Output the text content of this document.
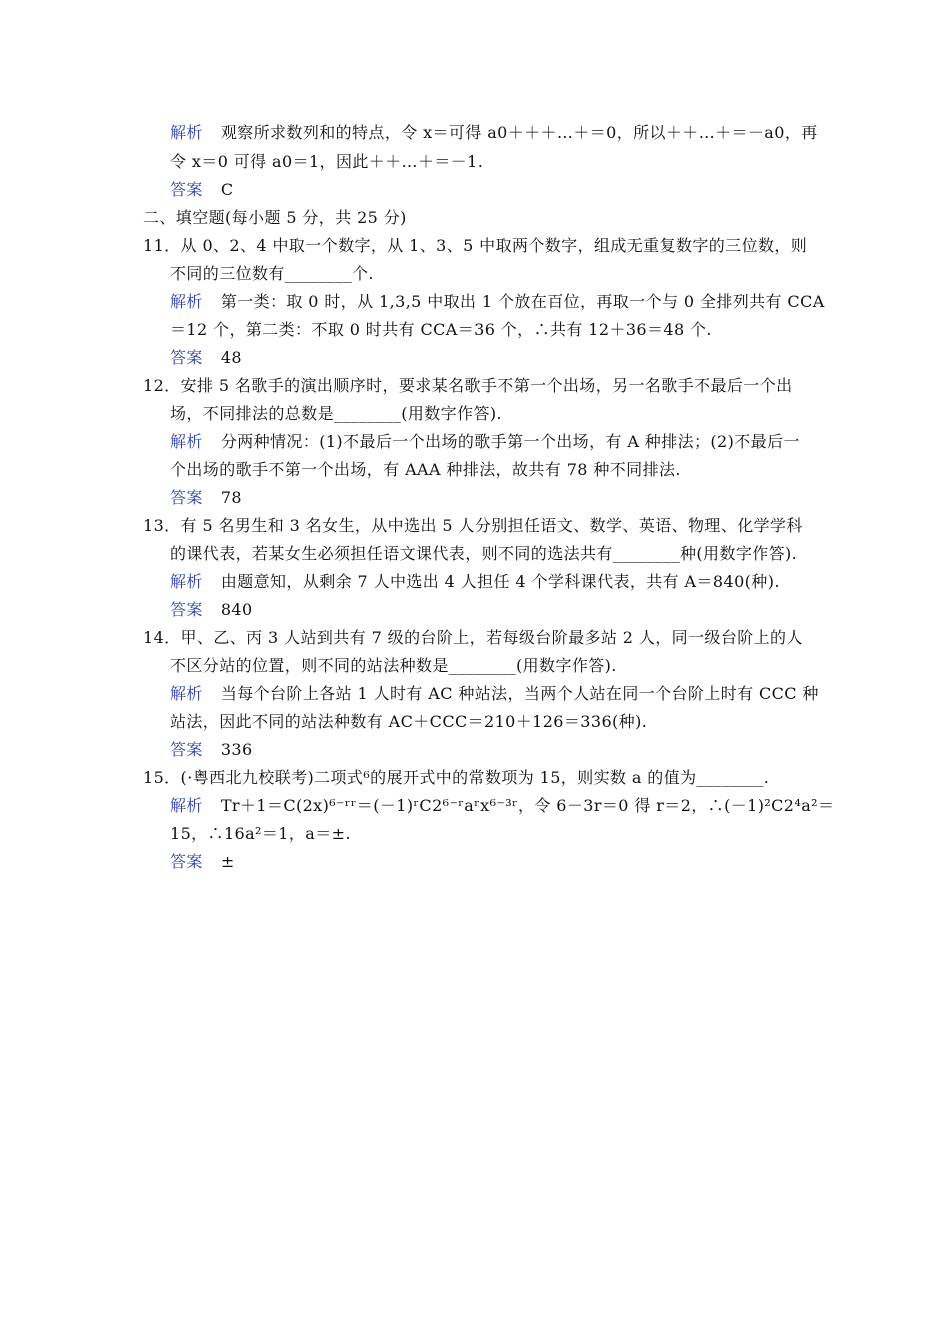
解析 观察所求数列和的特点，令 x＝可得 a0＋＋＋…＋＝0，所以＋＋…＋＝－a0，再
令 x＝0 可得 a0＝1，因此＋＋…＋＝－1.
答案 C
二、填空题(每小题 5 分，共 25 分)
11．从 0、2、4 中取一个数字，从 1、3、5 中取两个数字，组成无重复数字的三位数，则
不同的三位数有________个.
解析 第一类：取 0 时，从 1,3,5 中取出 1 个放在百位，再取一个与 0 全排列共有 CCA
＝12 个，第二类：不取 0 时共有 CCA＝36 个，∴共有 12＋36＝48 个.
答案 48
12．安排 5 名歌手的演出顺序时，要求某名歌手不第一个出场，另一名歌手不最后一个出
场，不同排法的总数是________(用数字作答).
解析 分两种情况：(1)不最后一个出场的歌手第一个出场，有 A 种排法；(2)不最后一
个出场的歌手不第一个出场，有 AAA 种排法，故共有 78 种不同排法.
答案 78
13．有 5 名男生和 3 名女生，从中选出 5 人分别担任语文、数学、英语、物理、化学学科
的课代表，若某女生必须担任语文课代表，则不同的选法共有________种(用数字作答).
解析 由题意知，从剩余 7 人中选出 4 人担任 4 个学科课代表，共有 A＝840(种).
答案 840
14．甲、乙、丙 3 人站到共有 7 级的台阶上，若每级台阶最多站 2 人，同一级台阶上的人
不区分站的位置，则不同的站法种数是________(用数字作答).
解析 当每个台阶上各站 1 人时有 AC 种站法，当两个人站在同一个台阶上时有 CCC 种
站法，因此不同的站法种数有 AC＋CCC＝210＋126＝336(种).
答案 336
15．(·粤西北九校联考)二项式⁶的展开式中的常数项为 15，则实数 a 的值为________.
解析 Tr＋1＝C(2x)⁶⁻ʳʳ＝(－1)ʳC2⁶⁻ʳaʳx⁶⁻³ʳ，令 6－3r＝0 得 r＝2，∴(－1)²C2⁴a²＝
15，∴16a²＝1，a＝±.
答案 ±
